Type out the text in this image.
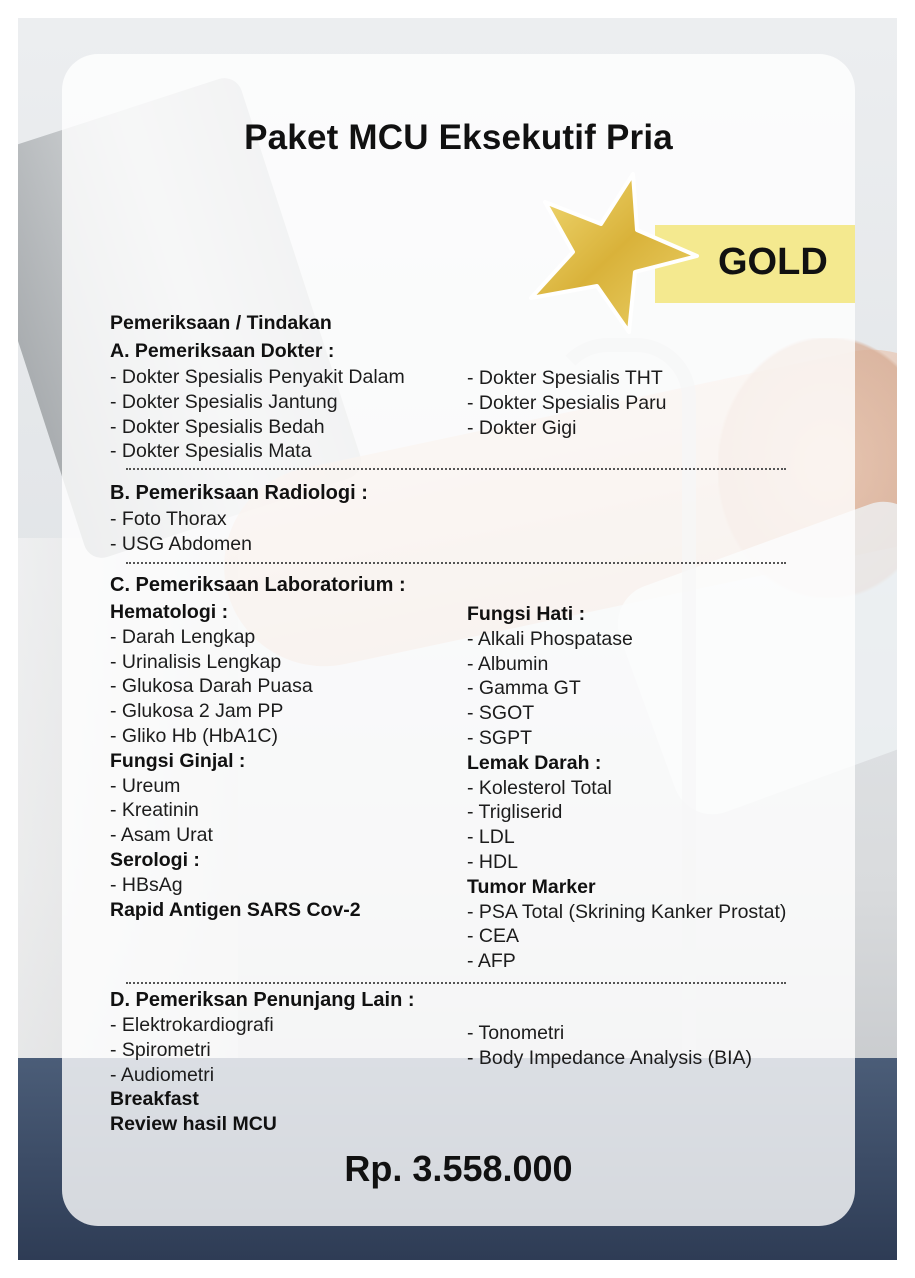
Paket MCU Eksekutif Pria
GOLD
Pemeriksaan / Tindakan
A. Pemeriksaan Dokter :
- Dokter Spesialis Penyakit Dalam
- Dokter Spesialis Jantung
- Dokter Spesialis Bedah
- Dokter Spesialis Mata
- Dokter Spesialis THT
- Dokter Spesialis Paru
- Dokter Gigi
B. Pemeriksaan Radiologi :
- Foto Thorax
- USG Abdomen
C. Pemeriksaan Laboratorium :
Hematologi :
- Darah Lengkap
- Urinalisis Lengkap
- Glukosa Darah Puasa
- Glukosa 2 Jam PP
- Gliko Hb (HbA1C)
Fungsi Ginjal :
- Ureum
- Kreatinin
- Asam Urat
Serologi :
- HBsAg
Rapid Antigen SARS Cov-2
Fungsi Hati :
- Alkali Phospatase
- Albumin
- Gamma GT
- SGOT
- SGPT
Lemak Darah :
- Kolesterol Total
- Trigliserid
- LDL
- HDL
Tumor Marker
- PSA Total (Skrining Kanker Prostat)
- CEA
- AFP
D. Pemeriksan Penunjang Lain :
- Elektrokardiografi
- Spirometri
- Audiometri
Breakfast
Review hasil MCU
- Tonometri
- Body Impedance Analysis (BIA)
Rp. 3.558.000
